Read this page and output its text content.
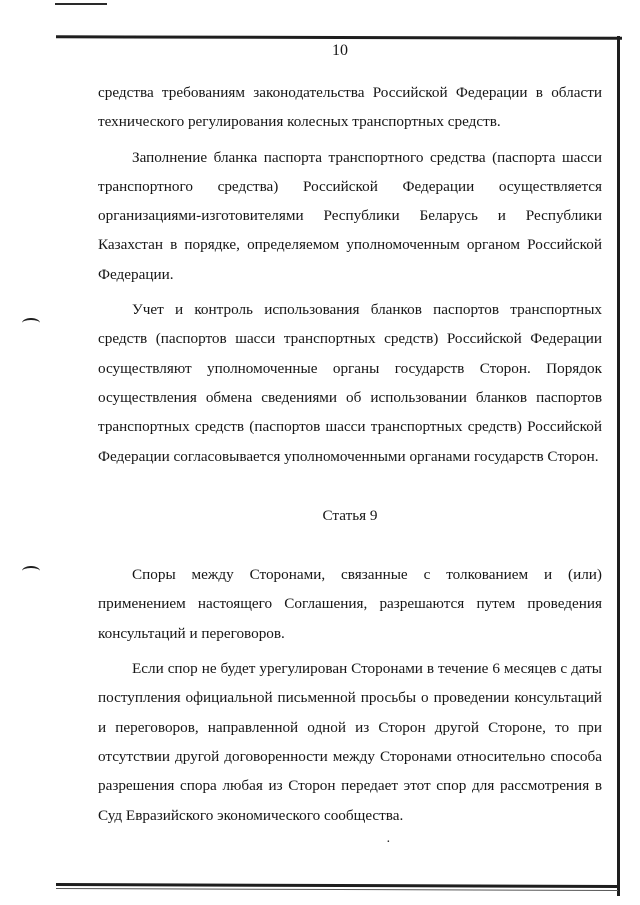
·
10

средства требованиям законодательства Российской Федерации в области технического регулирования колесных транспортных средств.

Заполнение бланка паспорта транспортного средства (паспорта шасси транспортного средства) Российской Федерации осуществляется организациями-изготовителями Республики Беларусь и Республики Казахстан в порядке, определяемом уполномоченным органом Российской Федерации.

Учет и контроль использования бланков паспортов транспортных средств (паспортов шасси транспортных средств) Российской Федерации осуществляют уполномоченные органы государств Сторон. Порядок осуществления обмена сведениями об использовании бланков паспортов транспортных средств (паспортов шасси транспортных средств) Российской Федерации согласовывается уполномоченными органами государств Сторон.

Статья 9

Споры между Сторонами, связанные с толкованием и (или) применением настоящего Соглашения, разрешаются путем проведения консультаций и переговоров.

Если спор не будет урегулирован Сторонами в течение 6 месяцев с даты поступления официальной письменной просьбы о проведении консультаций и переговоров, направленной одной из Сторон другой Стороне, то при отсутствии другой договоренности между Сторонами относительно способа разрешения спора любая из Сторон передает этот спор для рассмотрения в Суд Евразийского экономического сообщества.
